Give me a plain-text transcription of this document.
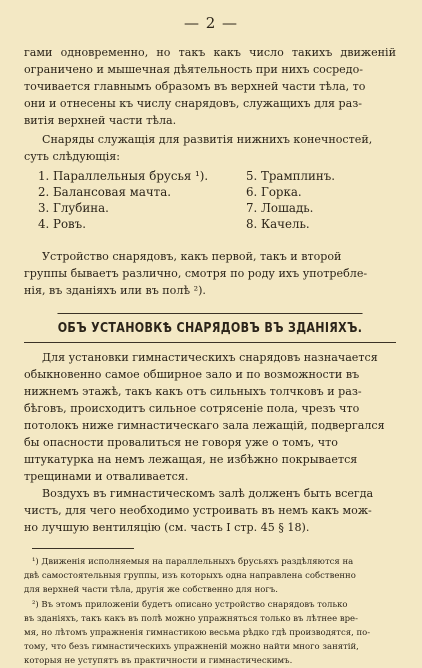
— 2 —

гами одновременно, но такъ какъ число такихъ движеній
ограничено и мышечная дѣятельность при нихъ сосредо-
точивается главнымъ образомъ въ верхней части тѣла, то
они и отнесены къ числу снарядовъ, служащихъ для раз-
витія верхней части тѣла.

Снаряды служащія для развитія нижнихъ конечностей,
суть слѣдующія:

1. Параллельныя брусья ¹).
2. Балансовая мачта.
3. Глубина.
4. Ровъ.
5. Трамплинъ.
6. Горка.
7. Лошадь.
8. Качель.

Устройство снарядовъ, какъ первой, такъ и второй
группы бываетъ различно, смотря по роду ихъ употребле-
нія, въ зданіяхъ или въ полѣ ²).

ОБЪ УСТАНОВКѢ СНАРЯДОВЪ ВЪ ЗДАНІЯХЪ.

Для установки гимнастическихъ снарядовъ назначается
обыкновенно самое обширное зало и по возможности въ
нижнемъ этажѣ, такъ какъ отъ сильныхъ толчковъ и раз-
бѣговъ, происходитъ сильное сотрясеніе пола, чрезъ что
потолокъ ниже гимнастическаго зала лежащій, подвергался
бы опасности провалиться не говоря уже о томъ, что
штукатурка на немъ лежащая, не избѣжно покрывается
трещинами и отваливается.

Воздухъ въ гимнастическомъ залѣ долженъ быть всегда
чистъ, для чего необходимо устроивать въ немъ какъ мож-
но лучшую вентиляцію (см. часть I стр. 45 § 18).

¹) Движенія исполняемыя на параллельныхъ брусьяхъ раздѣляются на
двѣ самостоятельныя группы, изъ которыхъ одна направлена собственно
для верхней части тѣла, другія же собственно для ногъ.
²) Въ этомъ приложеніи будетъ описано устройство снарядовъ только
въ зданіяхъ, такъ какъ въ полѣ можно упражняться только въ лѣтнее вре-
мя, но лѣтомъ упражненія гимнастикою весьма рѣдко гдѣ производятся, по-
тому, что безъ гимнастическихъ упражненій можно найти много занятій,
которыя не уступятъ въ практичности и гимнастическимъ.
